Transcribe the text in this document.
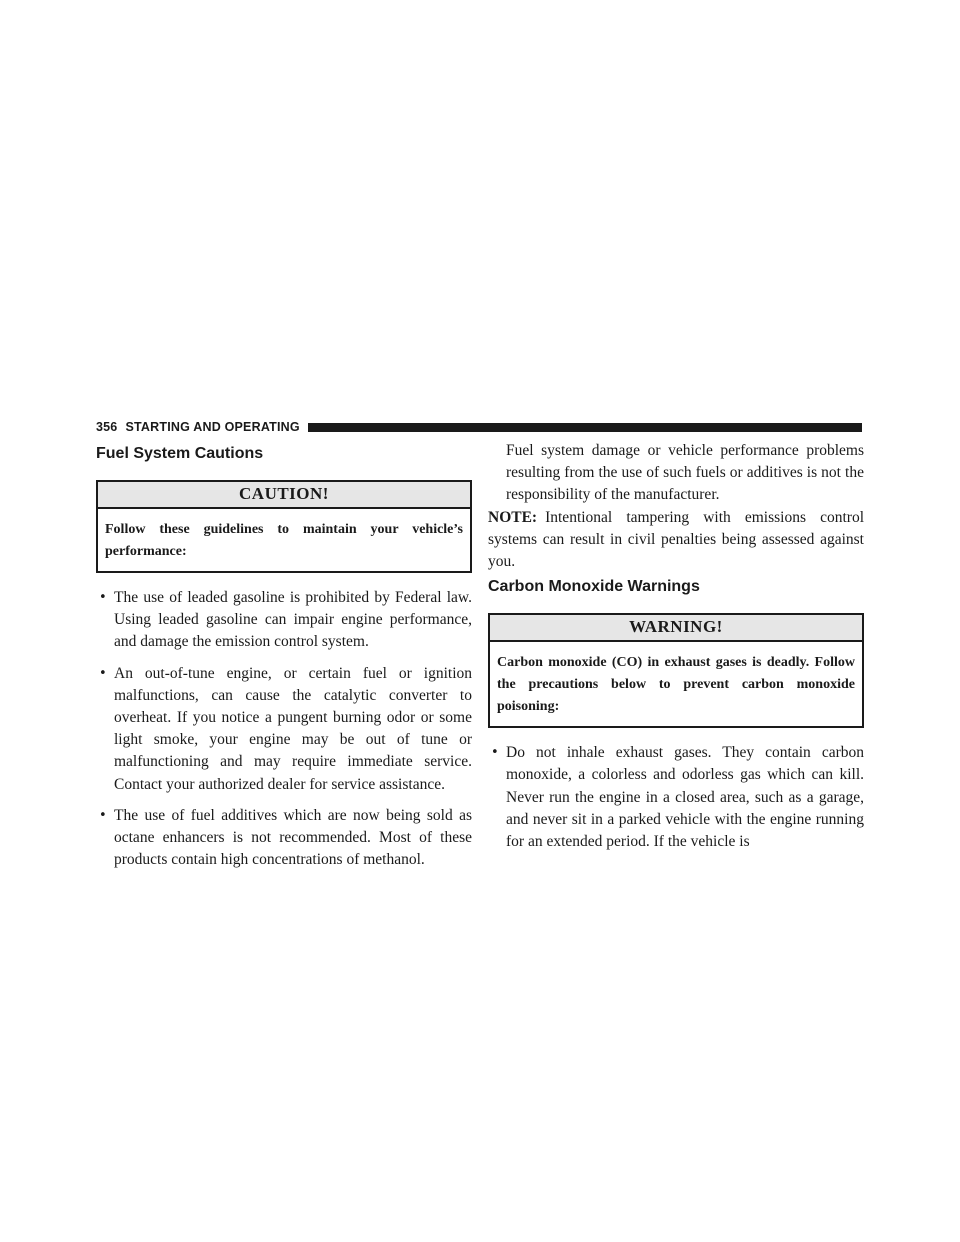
356 STARTING AND OPERATING
Fuel System Cautions
CAUTION!
Follow these guidelines to maintain your vehicle’s performance:
• The use of leaded gasoline is prohibited by Federal law. Using leaded gasoline can impair engine performance, and damage the emission control system.

• An out-of-tune engine, or certain fuel or ignition malfunctions, can cause the catalytic converter to overheat. If you notice a pungent burning odor or some light smoke, your engine may be out of tune or malfunctioning and may require immediate service. Contact your authorized dealer for service assistance.

• The use of fuel additives which are now being sold as octane enhancers is not recommended. Most of these products contain high concentrations of methanol.

Fuel system damage or vehicle performance problems resulting from the use of such fuels or additives is not the responsibility of the manufacturer.

NOTE: Intentional tampering with emissions control systems can result in civil penalties being assessed against you.

Carbon Monoxide Warnings
WARNING!
Carbon monoxide (CO) in exhaust gases is deadly. Follow the precautions below to prevent carbon monoxide poisoning:
• Do not inhale exhaust gases. They contain carbon monoxide, a colorless and odorless gas which can kill. Never run the engine in a closed area, such as a garage, and never sit in a parked vehicle with the engine running for an extended period. If the vehicle is
